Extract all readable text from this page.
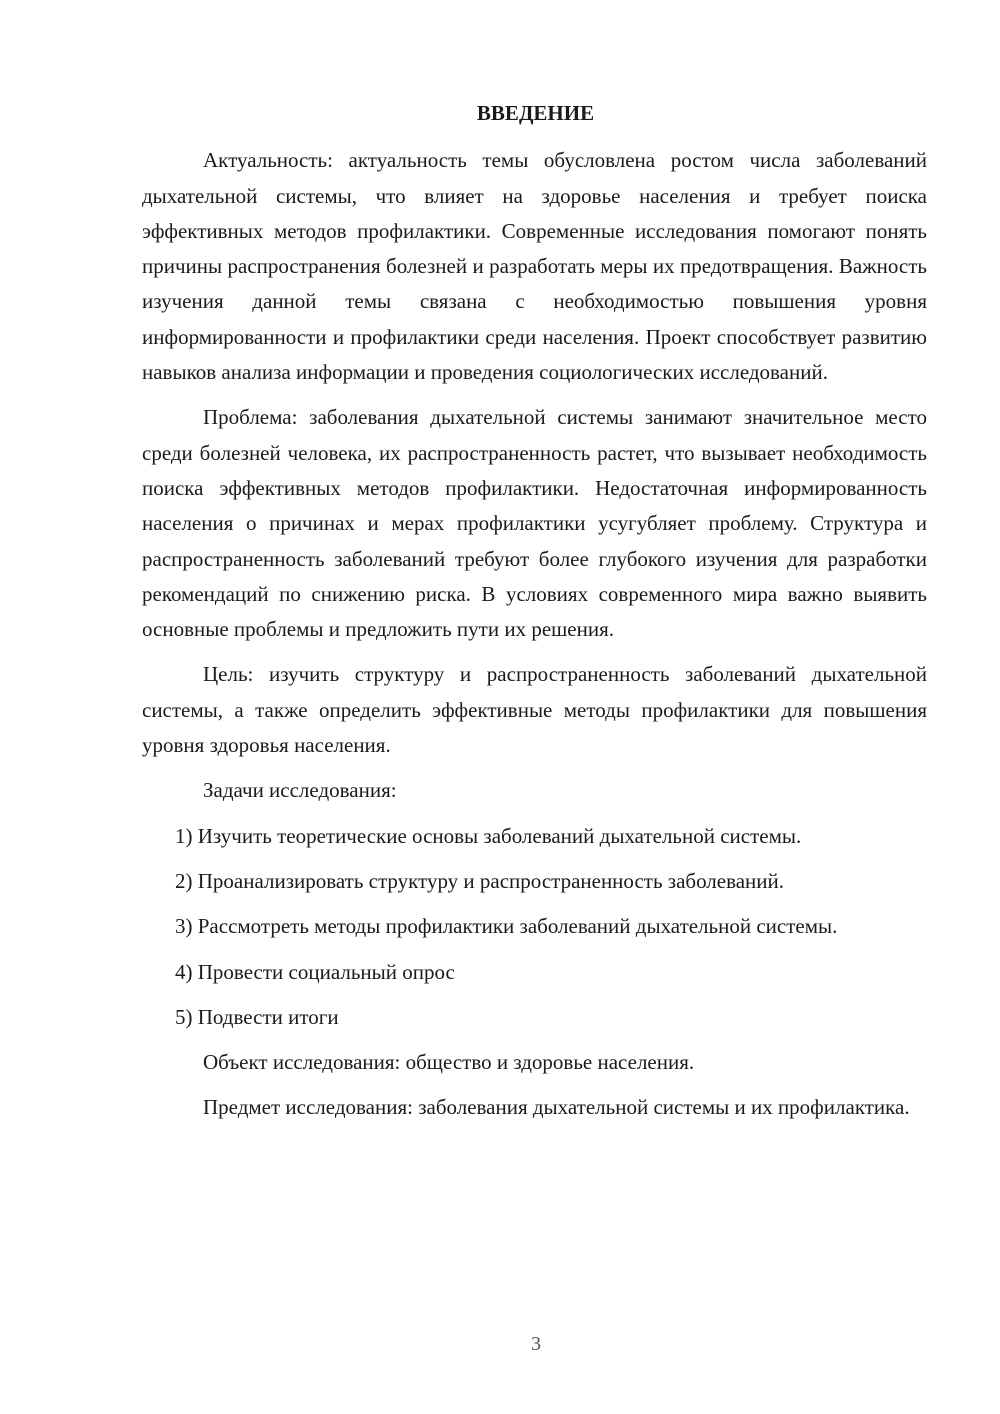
ВВЕДЕНИЕ

Актуальность: актуальность темы обусловлена ростом числа заболеваний дыхательной системы, что влияет на здоровье населения и требует поиска эффективных методов профилактики. Современные исследования помогают понять причины распространения болезней и разработать меры их предотвращения. Важность изучения данной темы связана с необходимостью повышения уровня информированности и профилактики среди населения. Проект способствует развитию навыков анализа информации и проведения социологических исследований.

Проблема: заболевания дыхательной системы занимают значительное место среди болезней человека, их распространенность растет, что вызывает необходимость поиска эффективных методов профилактики. Недостаточная информированность населения о причинах и мерах профилактики усугубляет проблему. Структура и распространенность заболеваний требуют более глубокого изучения для разработки рекомендаций по снижению риска. В условиях современного мира важно выявить основные проблемы и предложить пути их решения.

Цель: изучить структуру и распространенность заболеваний дыхательной системы, а также определить эффективные методы профилактики для повышения уровня здоровья населения.

Задачи исследования:

1) Изучить теоретические основы заболеваний дыхательной системы.

2) Проанализировать структуру и распространенность заболеваний.

3) Рассмотреть методы профилактики заболеваний дыхательной системы.

4) Провести социальный опрос

5) Подвести итоги

Объект исследования: общество и здоровье населения.

Предмет исследования: заболевания дыхательной системы и их профилактика.

3
